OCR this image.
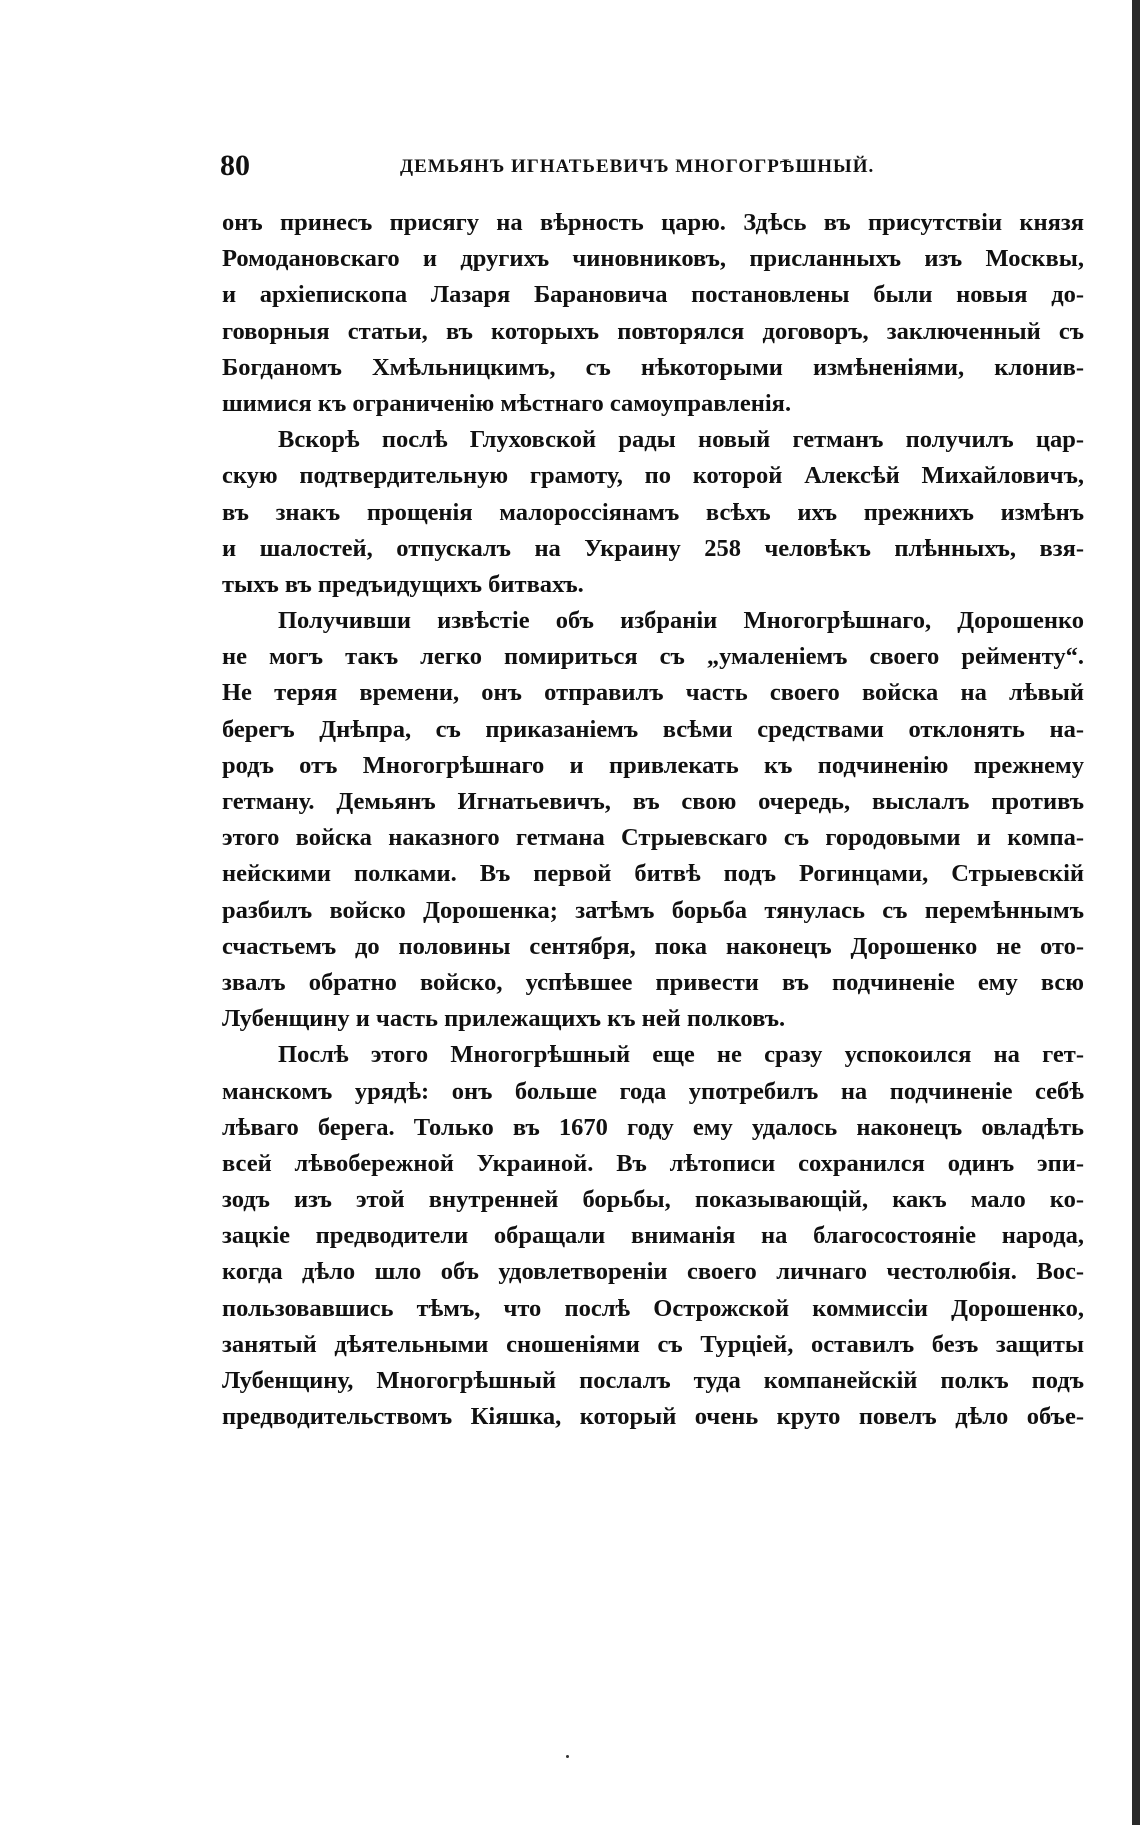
80	ДЕМЬЯНЪ ИГНАТЬЕВИЧЪ МНОГОГРѢШНЫЙ.
онъ принесъ присягу на вѣрность царю. Здѣсь въ присутствіи князя
Ромодановскаго и другихъ чиновниковъ, присланныхъ изъ Москвы,
и архіепископа Лазаря Барановича постановлены были новыя до-
говорныя статьи, въ которыхъ повторялся договоръ, заключенный съ
Богданомъ Хмѣльницкимъ, съ нѣкоторыми измѣненіями, клонив-
шимися къ ограниченію мѣстнаго самоуправленія.
Вскорѣ послѣ Глуховской рады новый гетманъ получилъ цар-
скую подтвердительную грамоту, по которой Алексѣй Михайловичъ,
въ знакъ прощенія малороссіянамъ всѣхъ ихъ прежнихъ измѣнъ
и шалостей, отпускалъ на Украину 258 человѣкъ плѣнныхъ, взя-
тыхъ въ предъидущихъ битвахъ.
Получивши извѣстіе объ избраніи Многогрѣшнаго, Дорошенко
не могъ такъ легко помириться съ „умаленіемъ своего рейменту“.
Не теряя времени, онъ отправилъ часть своего войска на лѣвый
берегъ Днѣпра, съ приказаніемъ всѣми средствами отклонять на-
родъ отъ Многогрѣшнаго и привлекать къ подчиненію прежнему
гетману. Демьянъ Игнатьевичъ, въ свою очередь, выслалъ противъ
этого войска наказного гетмана Стрыевскаго съ городовыми и компа-
нейскими полками. Въ первой битвѣ подъ Рогинцами, Стрыевскій
разбилъ войско Дорошенка; затѣмъ борьба тянулась съ перемѣннымъ
счастьемъ до половины сентября, пока наконецъ Дорошенко не ото-
звалъ обратно войско, успѣвшее привести въ подчиненіе ему всю
Лубенщину и часть прилежащихъ къ ней полковъ.
Послѣ этого Многогрѣшный еще не сразу успокоился на гет-
манскомъ урядѣ: онъ больше года употребилъ на подчиненіе себѣ
лѣваго берега. Только въ 1670 году ему удалось наконецъ овладѣть
всей лѣвобережной Украиной. Въ лѣтописи сохранился одинъ эпи-
зодъ изъ этой внутренней борьбы, показывающій, какъ мало ко-
зацкіе предводители обращали вниманія на благосостояніе народа,
когда дѣло шло объ удовлетвореніи своего личнаго честолюбія. Вос-
пользовавшись тѣмъ, что послѣ Острожской коммиссіи Дорошенко,
занятый дѣятельными сношеніями съ Турціей, оставилъ безъ защиты
Лубенщину, Многогрѣшный послалъ туда компанейскій полкъ подъ
предводительствомъ Кіяшка, который очень круто повелъ дѣло объе-
